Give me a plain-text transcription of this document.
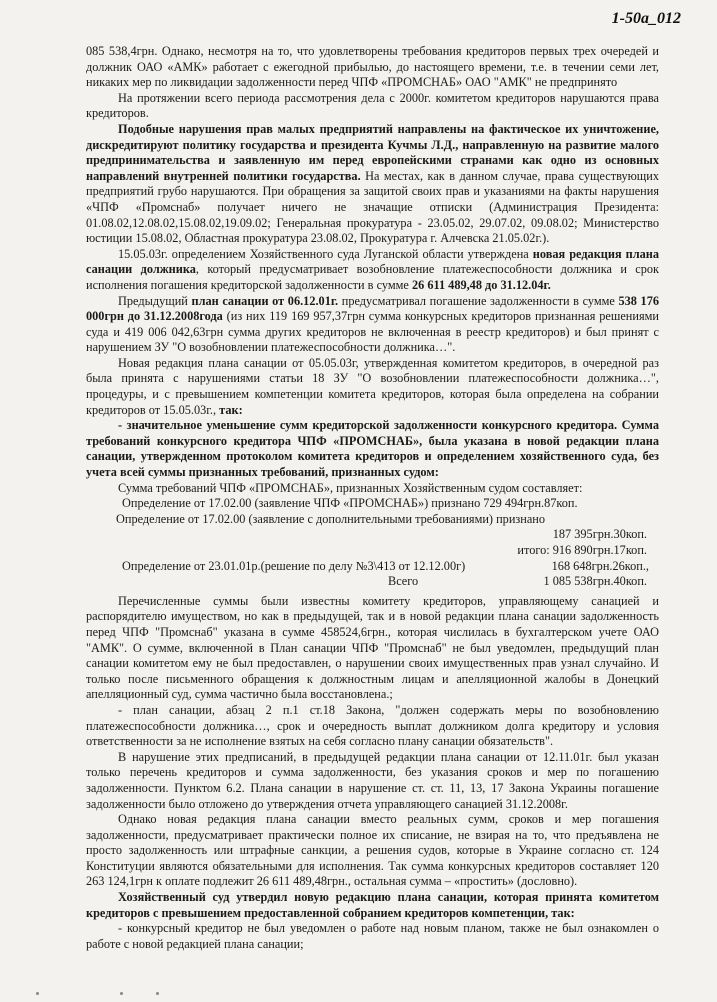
1-50а_012

085 538,4грн. Однако, несмотря на то, что удовлетворены требования кредиторов первых трех очередей и должник ОАО «АМК» работает с ежегодной прибылью, до настоящего времени, т.е. в течении семи лет, никаких мер по ликвидации задолженности перед ЧПФ «ПРОМСНАБ» ОАО "АМК" не предпринято

На протяжении всего периода рассмотрения дела с 2000г. комитетом кредиторов нарушаются права кредиторов.

Подобные нарушения прав малых предприятий направлены на фактическое их уничтожение, дискредитируют политику государства и президента Кучмы Л.Д., направленную на развитие малого предпринимательства и заявленную им перед европейскими странами как одно из основных направлений внутренней политики государства. На местах, как в данном случае, права существующих предприятий грубо нарушаются. При обращения за защитой своих прав и указаниями на факты нарушения «ЧПФ «Промснаб» получает ничего не значащие отписки (Администрация Президента: 01.08.02,12.08.02,15.08.02,19.09.02; Генеральная прокуратура - 23.05.02, 29.07.02, 09.08.02; Министерство юстиции 15.08.02, Областная прокуратура 23.08.02, Прокуратура г. Алчевска 21.05.02г.).

15.05.03г. определением Хозяйственного суда Луганской области утверждена новая редакция плана санации должника, который предусматривает возобновление платежеспособности должника и срок исполнения погашения кредиторской задолженности в сумме 26 611 489,48 до 31.12.04г.

Предыдущий план санации от 06.12.01г. предусматривал погашение задолженности в сумме 538 176 000грн до 31.12.2008года (из них 119 169 957,37грн сумма конкурсных кредиторов признанная решениями суда и 419 006 042,63грн сумма других кредиторов не включенная в реестр кредиторов) и был принят с нарушением ЗУ "О возобновлении платежеспособности должника…".

Новая редакция плана санации от 05.05.03г, утвержденная комитетом кредиторов, в очередной раз была принята с нарушениями статьи 18 ЗУ "О возобновлении платежеспособности должника…", процедуры, и с превышением компетенции комитета кредиторов, которая была определена на собрании кредиторов от 15.05.03г., так:

- значительное уменьшение сумм кредиторской задолженности конкурсного кредитора. Сумма требований конкурсного кредитора ЧПФ «ПРОМСНАБ», была указана в новой редакции плана санации, утвержденном протоколом комитета кредиторов и определением хозяйственного суда, без учета всей суммы признанных требований, признанных судом:

Сумма требований ЧПФ «ПРОМСНАБ», признанных Хозяйственным судом составляет:

Определение от 17.02.00 (заявление ЧПФ «ПРОМСНАБ») признано 729 494грн.87коп.

Определение от 17.02.00 (заявление с дополнительными требованиями) признано

187 395грн.30коп.

итого: 916 890грн.17коп.

Определение от 23.01.01р.(решение по делу №3\413 от 12.12.00г)	168 648грн.26коп.,
Всего	1 085 538грн.40коп.

Перечисленные суммы были известны комитету кредиторов, управляющему санацией и распорядителю имуществом, но как в предыдущей, так и в новой редакции плана санации задолженность перед ЧПФ "Промснаб" указана в сумме 458524,6грн., которая числилась в бухгалтерском учете ОАО "АМК". О сумме, включенной в План санации ЧПФ "Промснаб" не был уведомлен, предыдущий план санации комитетом ему не был предоставлен, о нарушении своих имущественных прав узнал случайно. И только после письменного обращения к должностным лицам и апелляционной жалобы в Донецкий апелляционный суд, сумма частично была восстановлена.;

- план санации, абзац 2 п.1 ст.18 Закона, "должен содержать меры по возобновлению платежеспособности должника…, срок и очередность выплат должником долга кредитору и условия ответственности за не исполнение взятых на себя согласно плану санации обязательств".

В нарушение этих предписаний, в предыдущей редакции плана санации от 12.11.01г. был указан только перечень кредиторов и сумма задолженности, без указания сроков и мер по погашению задолженности. Пунктом 6.2. Плана санации в нарушение ст. ст. 11, 13, 17 Закона Украины погашение задолженности было отложено до утверждения отчета управляющего санацией 31.12.2008г.

Однако новая редакция плана санации вместо реальных сумм, сроков и мер погашения задолженности, предусматривает практически полное их списание, не взирая на то, что предъявлена не просто задолженность или штрафные санкции, а решения судов, которые в Украине согласно ст. 124 Конституции являются обязательными для исполнения. Так сумма конкурсных кредиторов составляет 120 263 124,1грн к оплате подлежит 26 611 489,48грн., остальная сумма – «простить» (дословно).

Хозяйственный суд утвердил новую редакцию плана санации, которая принята комитетом кредиторов с превышением предоставленной собранием кредиторов компетенции, так:

- конкурсный кредитор не был уведомлен о работе над новым планом, также не был ознакомлен о работе с новой редакцией плана санации;
